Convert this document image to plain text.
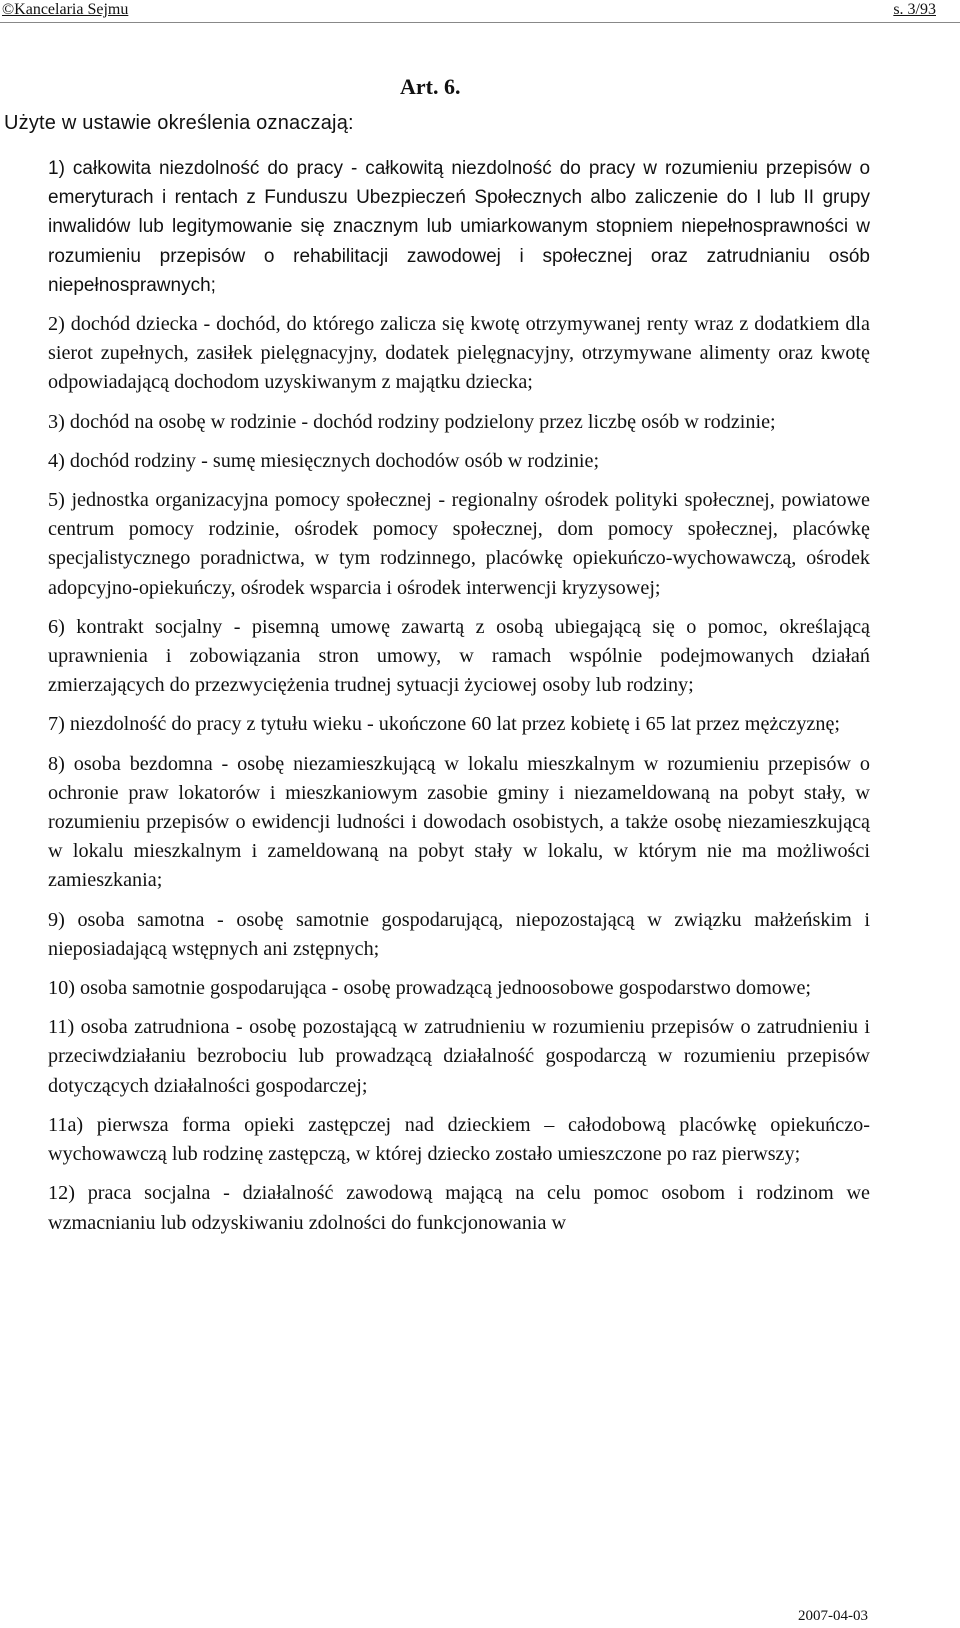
©Kancelaria Sejmu	s. 3/93
Art. 6.
Użyte w ustawie określenia oznaczają:
1) całkowita niezdolność do pracy - całkowitą niezdolność do pracy w rozumieniu przepisów o emeryturach i rentach z Funduszu Ubezpieczeń Społecznych albo zaliczenie do I lub II grupy inwalidów lub legitymowanie się znacznym lub umiarkowanym stopniem niepełnosprawności w rozumieniu przepisów o rehabilitacji zawodowej i społecznej oraz zatrudnianiu osób niepełnosprawnych;
2) dochód dziecka - dochód, do którego zalicza się kwotę otrzymywanej renty wraz z dodatkiem dla sierot zupełnych, zasiłek pielęgnacyjny, dodatek pielęgnacyjny, otrzymywane alimenty oraz kwotę odpowiadającą dochodom uzyskiwanym z majątku dziecka;
3) dochód na osobę w rodzinie - dochód rodziny podzielony przez liczbę osób w rodzinie;
4) dochód rodziny - sumę miesięcznych dochodów osób w rodzinie;
5) jednostka organizacyjna pomocy społecznej - regionalny ośrodek polityki społecznej, powiatowe centrum pomocy rodzinie, ośrodek pomocy społecznej, dom pomocy społecznej, placówkę specjalistycznego poradnictwa, w tym rodzinnego, placówkę opiekuńczo-wychowawczą, ośrodek adopcyjno-opiekuńczy, ośrodek wsparcia i ośrodek interwencji kryzysowej;
6) kontrakt socjalny - pisemną umowę zawartą z osobą ubiegającą się o pomoc, określającą uprawnienia i zobowiązania stron umowy, w ramach wspólnie podejmowanych działań zmierzających do przezwyciężenia trudnej sytuacji życiowej osoby lub rodziny;
7) niezdolność do pracy z tytułu wieku - ukończone 60 lat przez kobietę i 65 lat przez mężczyznę;
8) osoba bezdomna - osobę niezamieszkującą w lokalu mieszkalnym w rozumieniu przepisów o ochronie praw lokatorów i mieszkaniowym zasobie gminy i niezameldowaną na pobyt stały, w rozumieniu przepisów o ewidencji ludności i dowodach osobistych, a także osobę niezamieszkującą w lokalu mieszkalnym i zameldowaną na pobyt stały w lokalu, w którym nie ma możliwości zamieszkania;
9) osoba samotna - osobę samotnie gospodarującą, niepozostającą w związku małżeńskim i nieposiadającą wstępnych ani zstępnych;
10) osoba samotnie gospodarująca - osobę prowadzącą jednoosobowe gospodarstwo domowe;
11) osoba zatrudniona - osobę pozostającą w zatrudnieniu w rozumieniu przepisów o zatrudnieniu i przeciwdziałaniu bezrobociu lub prowadzącą działalność gospodarczą w rozumieniu przepisów dotyczących działalności gospodarczej;
11a) pierwsza forma opieki zastępczej nad dzieckiem – całodobową placówkę opiekuńczo-wychowawczą lub rodzinę zastępczą, w której dziecko zostało umieszczone po raz pierwszy;
12) praca socjalna - działalność zawodową mającą na celu pomoc osobom i rodzinom we wzmacnianiu lub odzyskiwaniu zdolności do funkcjonowania w
2007-04-03
